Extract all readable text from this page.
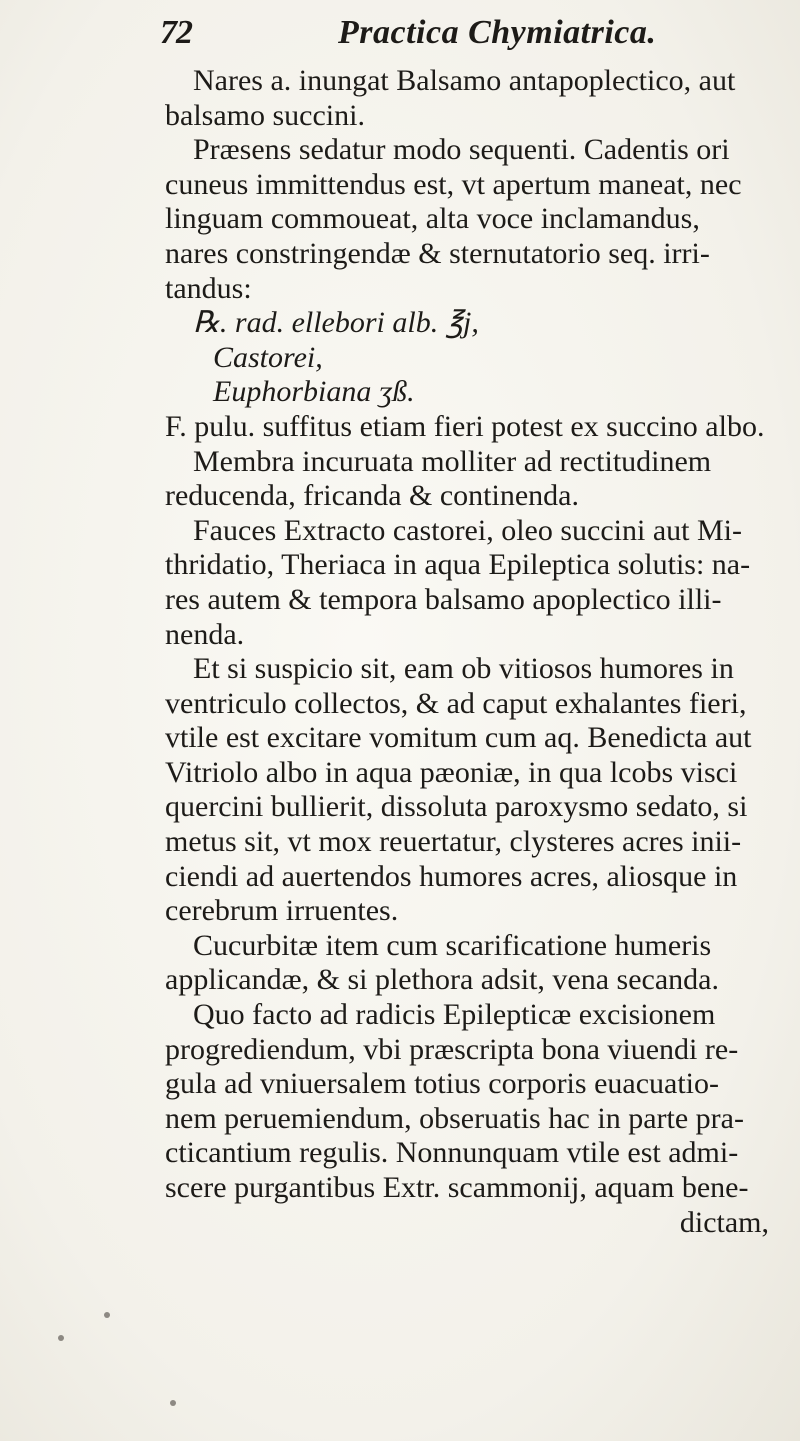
72	Practica Chymiatrica.
Nares a. inungat Balsamo antapoplectico, aut
balsamo succini.
Præsens sedatur modo sequenti. Cadentis ori
cuneus immittendus est, vt apertum maneat, nec
linguam commoueat, alta voce inclamandus,
nares constringendæ & sternutatorio seq. irri-
tandus:
℞. rad. ellebori alb. ℥j,
Castorei,
Euphorbiana ʒß.
F. pulu. suffitus etiam fieri potest ex succino albo.
Membra incuruata molliter ad rectitudinem
reducenda, fricanda & continenda.
Fauces Extracto castorei, oleo succini aut Mi-
thridatio, Theriaca in aqua Epileptica solutis: na-
res autem & tempora balsamo apoplectico illi-
nenda.
Et si suspicio sit, eam ob vitiosos humores in
ventriculo collectos, & ad caput exhalantes fieri,
vtile est excitare vomitum cum aq. Benedicta aut
Vitriolo albo in aqua pæoniæ, in qua lcobs visci
quercini bullierit, dissoluta paroxysmo sedato, si
metus sit, vt mox reuertatur, clysteres acres inii-
ciendi ad auertendos humores acres, aliosque in
cerebrum irruentes.
Cucurbitæ item cum scarificatione humeris
applicandæ, & si plethora adsit, vena secanda.
Quo facto ad radicis Epilepticæ excisionem
progrediendum, vbi præscripta bona viuendi re-
gula ad vniuersalem totius corporis euacuatio-
nem peruemiendum, obseruatis hac in parte pra-
cticantium regulis. Nonnunquam vtile est admi-
scere purgantibus Extr. scammonij, aquam bene-
dictam,
